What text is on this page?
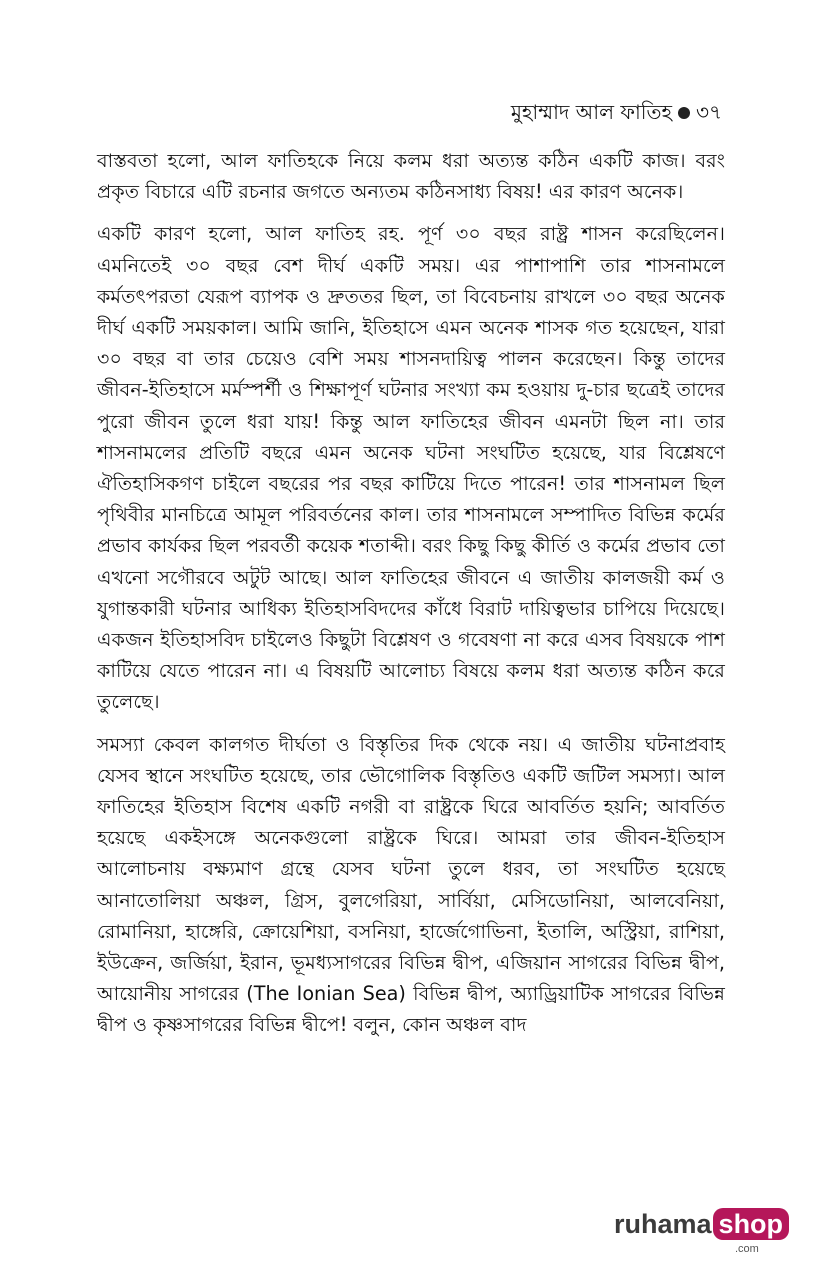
মুহাম্মাদ আল ফাতিহ ৩৭

বাস্তবতা হলো, আল ফাতিহকে নিয়ে কলম ধরা অত্যন্ত কঠিন একটি কাজ। বরং প্রকৃত বিচারে এটি রচনার জগতে অন্যতম কঠিনসাধ্য বিষয়! এর কারণ অনেক।

একটি কারণ হলো, আল ফাতিহ রহ. পূর্ণ ৩০ বছর রাষ্ট্র শাসন করেছিলেন। এমনিতেই ৩০ বছর বেশ দীর্ঘ একটি সময়। এর পাশাপাশি তার শাসনামলে কর্মতৎপরতা যেরূপ ব্যাপক ও দ্রুততর ছিল, তা বিবেচনায় রাখলে ৩০ বছর অনেক দীর্ঘ একটি সময়কাল। আমি জানি, ইতিহাসে এমন অনেক শাসক গত হয়েছেন, যারা ৩০ বছর বা তার চেয়েও বেশি সময় শাসনদায়িত্ব পালন করেছেন। কিন্তু তাদের জীবন-ইতিহাসে মর্মস্পর্শী ও শিক্ষাপূর্ণ ঘটনার সংখ্যা কম হওয়ায় দু-চার ছত্রেই তাদের পুরো জীবন তুলে ধরা যায়! কিন্তু আল ফাতিহের জীবন এমনটা ছিল না। তার শাসনামলের প্রতিটি বছরে এমন অনেক ঘটনা সংঘটিত হয়েছে, যার বিশ্লেষণে ঐতিহাসিকগণ চাইলে বছরের পর বছর কাটিয়ে দিতে পারেন! তার শাসনামল ছিল পৃথিবীর মানচিত্রে আমূল পরিবর্তনের কাল। তার শাসনামলে সম্পাদিত বিভিন্ন কর্মের প্রভাব কার্যকর ছিল পরবর্তী কয়েক শতাব্দী। বরং কিছু কিছু কীর্তি ও কর্মের প্রভাব তো এখনো সগৌরবে অটুট আছে। আল ফাতিহের জীবনে এ জাতীয় কালজয়ী কর্ম ও যুগান্তকারী ঘটনার আধিক্য ইতিহাসবিদদের কাঁধে বিরাট দায়িত্বভার চাপিয়ে দিয়েছে। একজন ইতিহাসবিদ চাইলেও কিছুটা বিশ্লেষণ ও গবেষণা না করে এসব বিষয়কে পাশ কাটিয়ে যেতে পারেন না। এ বিষয়টি আলোচ্য বিষয়ে কলম ধরা অত্যন্ত কঠিন করে তুলেছে।

সমস্যা কেবল কালগত দীর্ঘতা ও বিস্তৃতির দিক থেকে নয়। এ জাতীয় ঘটনাপ্রবাহ যেসব স্থানে সংঘটিত হয়েছে, তার ভৌগোলিক বিস্তৃতিও একটি জটিল সমস্যা। আল ফাতিহের ইতিহাস বিশেষ একটি নগরী বা রাষ্ট্রকে ঘিরে আবর্তিত হয়নি; আবর্তিত হয়েছে একইসঙ্গে অনেকগুলো রাষ্ট্রকে ঘিরে। আমরা তার জীবন-ইতিহাস আলোচনায় বক্ষ্যমাণ গ্রন্থে যেসব ঘটনা তুলে ধরব, তা সংঘটিত হয়েছে আনাতোলিয়া অঞ্চল, গ্রিস, বুলগেরিয়া, সার্বিয়া, মেসিডোনিয়া, আলবেনিয়া, রোমানিয়া, হাঙ্গেরি, ক্রোয়েশিয়া, বসনিয়া, হার্জেগোভিনা, ইতালি, অস্ট্রিয়া, রাশিয়া, ইউক্রেন, জর্জিয়া, ইরান, ভূমধ্যসাগরের বিভিন্ন দ্বীপ, এজিয়ান সাগরের বিভিন্ন দ্বীপ, আয়োনীয় সাগরের (The Ionian Sea) বিভিন্ন দ্বীপ, অ্যাড্রিয়াটিক সাগরের বিভিন্ন দ্বীপ ও কৃষ্ণসাগরের বিভিন্ন দ্বীপে! বলুন, কোন অঞ্চল বাদ

ruhama shop
.com
